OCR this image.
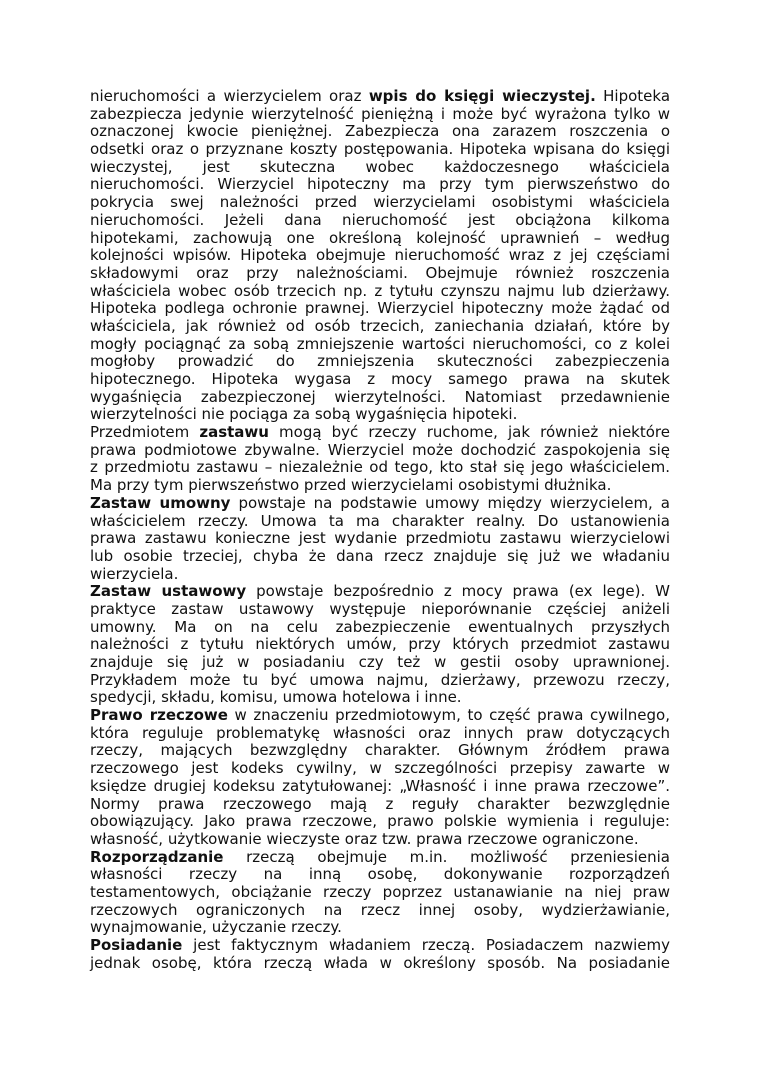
nieruchomości a wierzycielem oraz wpis do księgi wieczystej. Hipoteka
zabezpiecza jedynie wierzytelność pieniężną i może być wyrażona tylko w
oznaczonej kwocie pieniężnej. Zabezpiecza ona zarazem roszczenia o
odsetki oraz o przyznane koszty postępowania. Hipoteka wpisana do księgi
wieczystej, jest skuteczna wobec każdoczesnego właściciela
nieruchomości. Wierzyciel hipoteczny ma przy tym pierwszeństwo do
pokrycia swej należności przed wierzycielami osobistymi właściciela
nieruchomości. Jeżeli dana nieruchomość jest obciążona kilkoma
hipotekami, zachowują one określoną kolejność uprawnień – według
kolejności wpisów. Hipoteka obejmuje nieruchomość wraz z jej częściami
składowymi oraz przy należnościami. Obejmuje również roszczenia
właściciela wobec osób trzecich np. z tytułu czynszu najmu lub dzierżawy.
Hipoteka podlega ochronie prawnej. Wierzyciel hipoteczny może żądać od
właściciela, jak również od osób trzecich, zaniechania działań, które by
mogły pociągnąć za sobą zmniejszenie wartości nieruchomości, co z kolei
mogłoby prowadzić do zmniejszenia skuteczności zabezpieczenia
hipotecznego. Hipoteka wygasa z mocy samego prawa na skutek
wygaśnięcia zabezpieczonej wierzytelności. Natomiast przedawnienie
wierzytelności nie pociąga za sobą wygaśnięcia hipoteki.
Przedmiotem zastawu mogą być rzeczy ruchome, jak również niektóre
prawa podmiotowe zbywalne. Wierzyciel może dochodzić zaspokojenia się
z przedmiotu zastawu – niezależnie od tego, kto stał się jego właścicielem.
Ma przy tym pierwszeństwo przed wierzycielami osobistymi dłużnika.
Zastaw umowny powstaje na podstawie umowy między wierzycielem, a
właścicielem rzeczy. Umowa ta ma charakter realny. Do ustanowienia
prawa zastawu konieczne jest wydanie przedmiotu zastawu wierzycielowi
lub osobie trzeciej, chyba że dana rzecz znajduje się już we władaniu
wierzyciela.
Zastaw ustawowy powstaje bezpośrednio z mocy prawa (ex lege). W
praktyce zastaw ustawowy występuje nieporównanie częściej aniżeli
umowny. Ma on na celu zabezpieczenie ewentualnych przyszłych
należności z tytułu niektórych umów, przy których przedmiot zastawu
znajduje się już w posiadaniu czy też w gestii osoby uprawnionej.
Przykładem może tu być umowa najmu, dzierżawy, przewozu rzeczy,
spedycji, składu, komisu, umowa hotelowa i inne.
Prawo rzeczowe w znaczeniu przedmiotowym, to część prawa cywilnego,
która reguluje problematykę własności oraz innych praw dotyczących
rzeczy, mających bezwzględny charakter. Głównym źródłem prawa
rzeczowego jest kodeks cywilny, w szczególności przepisy zawarte w
księdze drugiej kodeksu zatytułowanej: „Własność i inne prawa rzeczowe”.
Normy prawa rzeczowego mają z reguły charakter bezwzględnie
obowiązujący. Jako prawa rzeczowe, prawo polskie wymienia i reguluje:
własność, użytkowanie wieczyste oraz tzw. prawa rzeczowe ograniczone.
Rozporządzanie rzeczą obejmuje m.in. możliwość przeniesienia
własności rzeczy na inną osobę, dokonywanie rozporządzeń
testamentowych, obciążanie rzeczy poprzez ustanawianie na niej praw
rzeczowych ograniczonych na rzecz innej osoby, wydzierżawianie,
wynajmowanie, użyczanie rzeczy.
Posiadanie jest faktycznym władaniem rzeczą. Posiadaczem nazwiemy
jednak osobę, która rzeczą włada w określony sposób. Na posiadanie
